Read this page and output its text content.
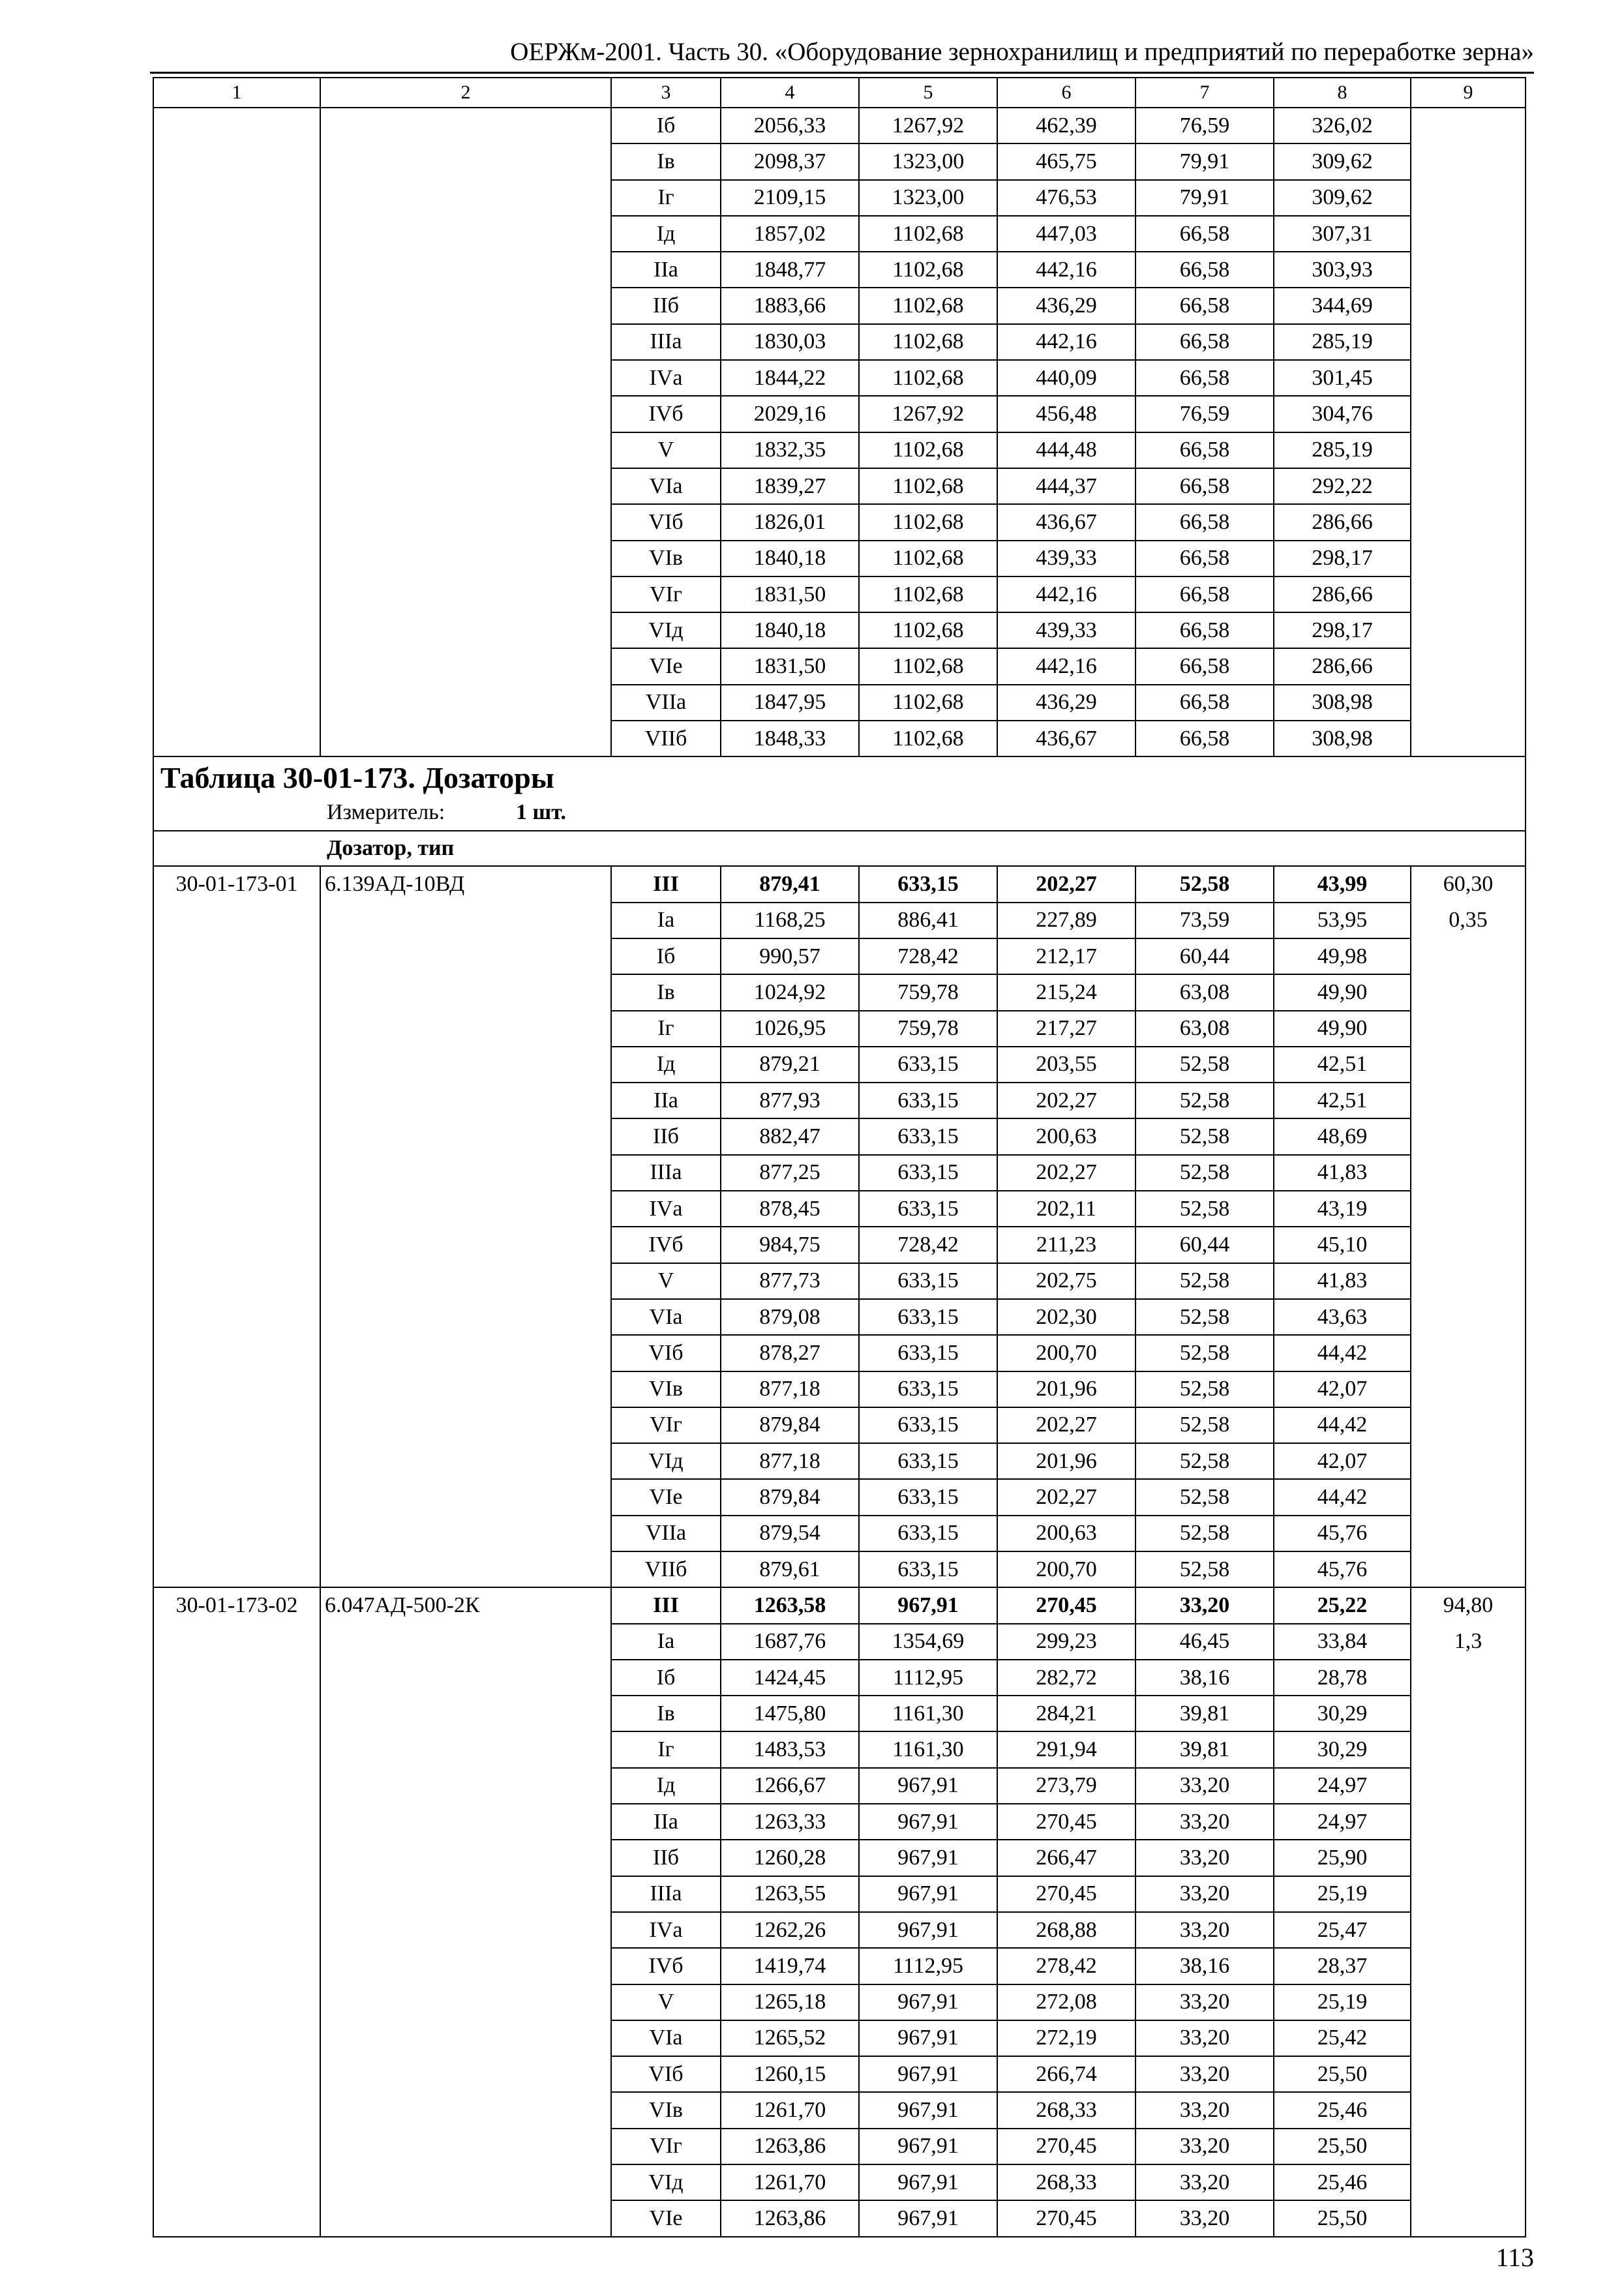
ОЕРЖм-2001. Часть 30. «Оборудование зернохранилищ и предприятий по переработке зерна»
1	2	3	4	5	6	7	8	9
		Iб	2056,33	1267,92	462,39	76,59	326,02	
		Iв	2098,37	1323,00	465,75	79,91	309,62	
		Iг	2109,15	1323,00	476,53	79,91	309,62	
		Iд	1857,02	1102,68	447,03	66,58	307,31	
		IIа	1848,77	1102,68	442,16	66,58	303,93	
		IIб	1883,66	1102,68	436,29	66,58	344,69	
		IIIа	1830,03	1102,68	442,16	66,58	285,19	
		IVа	1844,22	1102,68	440,09	66,58	301,45	
		IVб	2029,16	1267,92	456,48	76,59	304,76	
		V	1832,35	1102,68	444,48	66,58	285,19	
		VIа	1839,27	1102,68	444,37	66,58	292,22	
		VIб	1826,01	1102,68	436,67	66,58	286,66	
		VIв	1840,18	1102,68	439,33	66,58	298,17	
		VIг	1831,50	1102,68	442,16	66,58	286,66	
		VIд	1840,18	1102,68	439,33	66,58	298,17	
		VIе	1831,50	1102,68	442,16	66,58	286,66	
		VIIа	1847,95	1102,68	436,29	66,58	308,98	
		VIIб	1848,33	1102,68	436,67	66,58	308,98	

Таблица 30-01-173. Дозаторы
Измеритель: 1 шт.								

Дозатор, тип								
30-01-173-01	6.139АД-10ВД	III	879,41	633,15	202,27	52,58	43,99	60,30
		Iа	1168,25	886,41	227,89	73,59	53,95	0,35
		Iб	990,57	728,42	212,17	60,44	49,98	
		Iв	1024,92	759,78	215,24	63,08	49,90	
		Iг	1026,95	759,78	217,27	63,08	49,90	
		Iд	879,21	633,15	203,55	52,58	42,51	
		IIа	877,93	633,15	202,27	52,58	42,51	
		IIб	882,47	633,15	200,63	52,58	48,69	
		IIIа	877,25	633,15	202,27	52,58	41,83	
		IVа	878,45	633,15	202,11	52,58	43,19	
		IVб	984,75	728,42	211,23	60,44	45,10	
		V	877,73	633,15	202,75	52,58	41,83	
		VIа	879,08	633,15	202,30	52,58	43,63	
		VIб	878,27	633,15	200,70	52,58	44,42	
		VIв	877,18	633,15	201,96	52,58	42,07	
		VIг	879,84	633,15	202,27	52,58	44,42	
		VIд	877,18	633,15	201,96	52,58	42,07	
		VIе	879,84	633,15	202,27	52,58	44,42	
		VIIа	879,54	633,15	200,63	52,58	45,76	
		VIIб	879,61	633,15	200,70	52,58	45,76	
30-01-173-02	6.047АД-500-2К	III	1263,58	967,91	270,45	33,20	25,22	94,80
		Iа	1687,76	1354,69	299,23	46,45	33,84	1,3
		Iб	1424,45	1112,95	282,72	38,16	28,78	
		Iв	1475,80	1161,30	284,21	39,81	30,29	
		Iг	1483,53	1161,30	291,94	39,81	30,29	
		Iд	1266,67	967,91	273,79	33,20	24,97	
		IIа	1263,33	967,91	270,45	33,20	24,97	
		IIб	1260,28	967,91	266,47	33,20	25,90	
		IIIа	1263,55	967,91	270,45	33,20	25,19	
		IVа	1262,26	967,91	268,88	33,20	25,47	
		IVб	1419,74	1112,95	278,42	38,16	28,37	
		V	1265,18	967,91	272,08	33,20	25,19	
		VIа	1265,52	967,91	272,19	33,20	25,42	
		VIб	1260,15	967,91	266,74	33,20	25,50	
		VIв	1261,70	967,91	268,33	33,20	25,46	
		VIг	1263,86	967,91	270,45	33,20	25,50	
		VIд	1261,70	967,91	268,33	33,20	25,46	
		VIе	1263,86	967,91	270,45	33,20	25,50	
113
